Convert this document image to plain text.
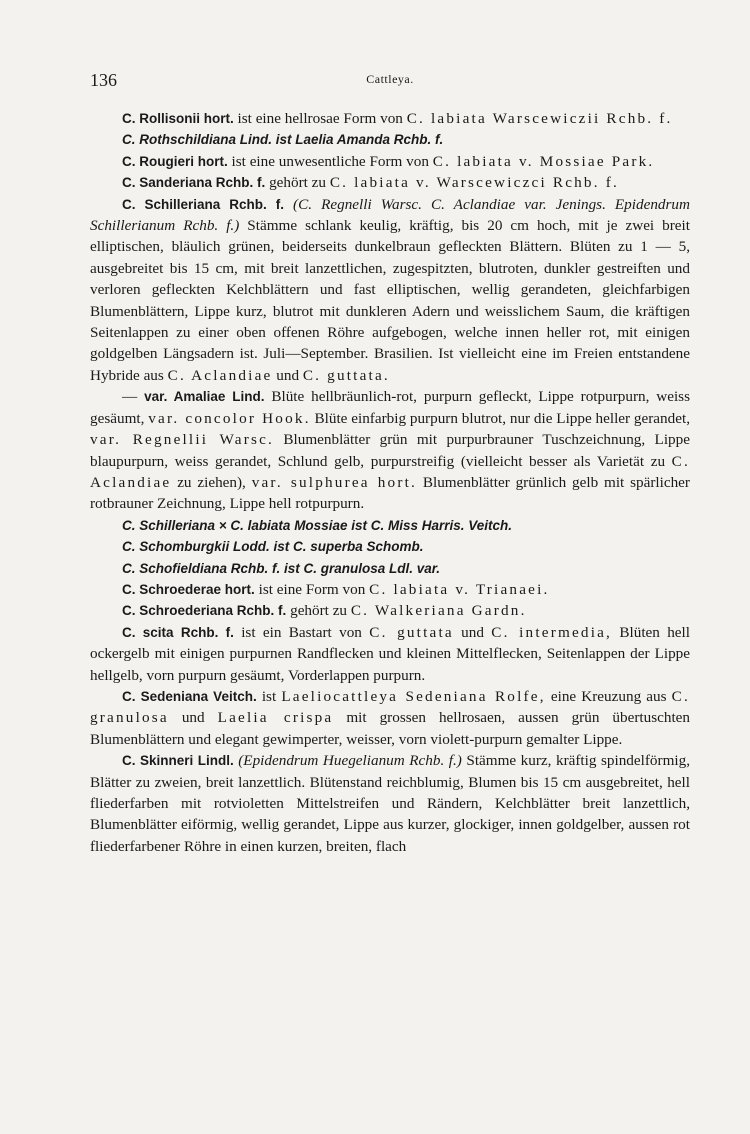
136	Cattleya.

C. Rollisonii hort. ist eine hellrosae Form von C. labiata Warscewiczii Rchb. f.

C. Rothschildiana Lind. ist Laelia Amanda Rchb. f.

C. Rougieri hort. ist eine unwesentliche Form von C. labiata v. Mossiae Park.

C. Sanderiana Rchb. f. gehört zu C. labiata v. Warscewiczci Rchb. f.

C. Schilleriana Rchb. f. (C. Regnelli Warsc. C. Aclandiae var. Jenings. Epidendrum Schillerianum Rchb. f.) Stämme schlank keulig, kräftig, bis 20 cm hoch, mit je zwei breit elliptischen, bläulich grünen, beiderseits dunkelbraun gefleckten Blättern. Blüten zu 1 — 5, ausgebreitet bis 15 cm, mit breit lanzettlichen, zugespitzten, blutroten, dunkler gestreiften und verloren gefleckten Kelchblättern und fast elliptischen, wellig gerandeten, gleichfarbigen Blumenblättern, Lippe kurz, blutrot mit dunkleren Adern und weisslichem Saum, die kräftigen Seitenlappen zu einer oben offenen Röhre aufgebogen, welche innen heller rot, mit einigen goldgelben Längsadern ist. Juli—September. Brasilien. Ist vielleicht eine im Freien entstandene Hybride aus C. Aclandiae und C. guttata.

— var. Amaliae Lind. Blüte hellbräunlich-rot, purpurn gefleckt, Lippe rotpurpurn, weiss gesäumt, var. concolor Hook. Blüte einfarbig purpurn blutrot, nur die Lippe heller gerandet, var. Regnellii Warsc. Blumenblätter grün mit purpurbrauner Tuschzeichnung, Lippe blaupurpurn, weiss gerandet, Schlund gelb, purpurstreifig (vielleicht besser als Varietät zu C. Aclandiae zu ziehen), var. sulphurea hort. Blumenblätter grünlich gelb mit spärlicher rotbrauner Zeichnung, Lippe hell rotpurpurn.

C. Schilleriana × C. labiata Mossiae ist C. Miss Harris. Veitch.

C. Schomburgkii Lodd. ist C. superba Schomb.

C. Schofieldiana Rchb. f. ist C. granulosa Ldl. var.

C. Schroederae hort. ist eine Form von C. labiata v. Trianaei.

C. Schroederiana Rchb. f. gehört zu C. Walkeriana Gardn.

C. scita Rchb. f. ist ein Bastart von C. guttata und C. intermedia, Blüten hell ockergelb mit einigen purpurnen Randflecken und kleinen Mittelflecken, Seitenlappen der Lippe hellgelb, vorn purpurn gesäumt, Vorderlappen purpurn.

C. Sedeniana Veitch. ist Laeliocattleya Sedeniana Rolfe, eine Kreuzung aus C. granulosa und Laelia crispa mit grossen hellrosaen, aussen grün übertuschten Blumenblättern und elegant gewimperter, weisser, vorn violett-purpurn gemalter Lippe.

C. Skinneri Lindl. (Epidendrum Huegelianum Rchb. f.) Stämme kurz, kräftig spindelförmig, Blätter zu zweien, breit lanzettlich. Blütenstand reichblumig, Blumen bis 15 cm ausgebreitet, hell fliederfarben mit rotvioletten Mittelstreifen und Rändern, Kelchblätter breit lanzettlich, Blumenblätter eiförmig, wellig gerandet, Lippe aus kurzer, glockiger, innen goldgelber, aussen rot fliederfarbener Röhre in einen kurzen, breiten, flach
